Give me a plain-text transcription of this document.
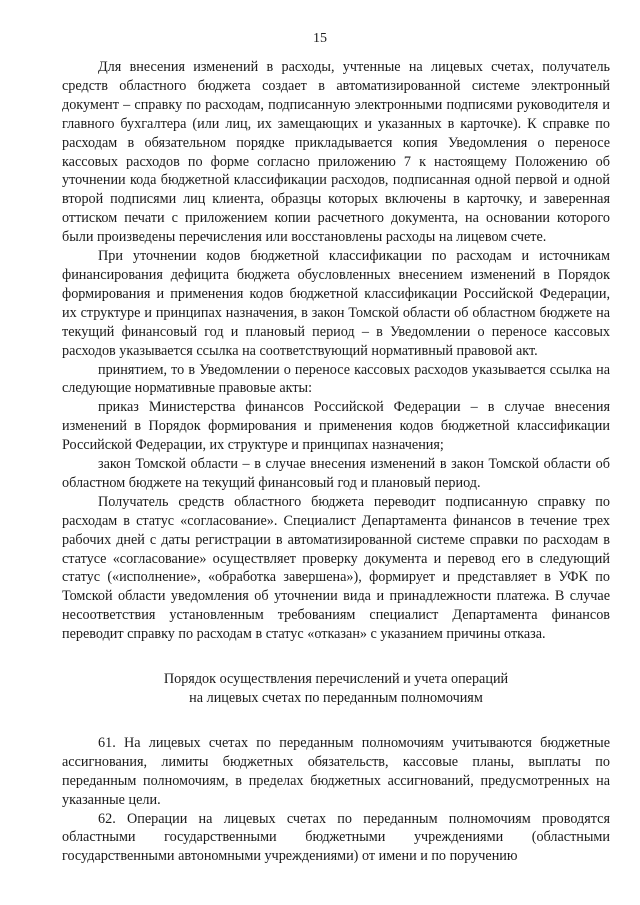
15

Для внесения изменений в расходы, учтенные на лицевых счетах, получатель средств областного бюджета создает в автоматизированной системе электронный документ – справку по расходам, подписанную электронными подписями руководителя и главного бухгалтера (или лиц, их замещающих и указанных в карточке). К справке по расходам в обязательном порядке прикладывается копия Уведомления о переносе кассовых расходов по форме согласно приложению 7 к настоящему Положению об уточнении кода бюджетной классификации расходов, подписанная одной первой и одной второй подписями лиц клиента, образцы которых включены в карточку, и заверенная оттиском печати с приложением копии расчетного документа, на основании которого были произведены перечисления или восстановлены расходы на лицевом счете.

При уточнении кодов бюджетной классификации по расходам и источникам финансирования дефицита бюджета обусловленных внесением изменений в Порядок формирования и применения кодов бюджетной классификации Российской Федерации, их структуре и принципах назначения, в закон Томской области об областном бюджете на текущий финансовый год и плановый период – в Уведомлении о переносе кассовых расходов указывается ссылка на соответствующий нормативный правовой акт.

принятием, то в Уведомлении о переносе кассовых расходов указывается ссылка на следующие нормативные правовые акты:

приказ Министерства финансов Российской Федерации – в случае внесения изменений в Порядок формирования и применения кодов бюджетной классификации Российской Федерации, их структуре и принципах назначения;

закон Томской области – в случае внесения изменений в закон Томской области об областном бюджете на текущий финансовый год и плановый период.

Получатель средств областного бюджета переводит подписанную справку по расходам в статус «согласование». Специалист Департамента финансов в течение трех рабочих дней с даты регистрации в автоматизированной системе справки по расходам в статусе «согласование» осуществляет проверку документа и перевод его в следующий статус («исполнение», «обработка завершена»), формирует и представляет в УФК по Томской области уведомления об уточнении вида и принадлежности платежа. В случае несоответствия установленным требованиям специалист Департамента финансов переводит справку по расходам в статус «отказан» с указанием причины отказа.

Порядок осуществления перечислений и учета операций
на лицевых счетах по переданным полномочиям

61. На лицевых счетах по переданным полномочиям учитываются бюджетные ассигнования, лимиты бюджетных обязательств, кассовые планы, выплаты по переданным полномочиям, в пределах бюджетных ассигнований, предусмотренных на указанные цели.

62. Операции на лицевых счетах по переданным полномочиям проводятся областными государственными бюджетными учреждениями (областными государственными автономными учреждениями) от имени и по поручению
